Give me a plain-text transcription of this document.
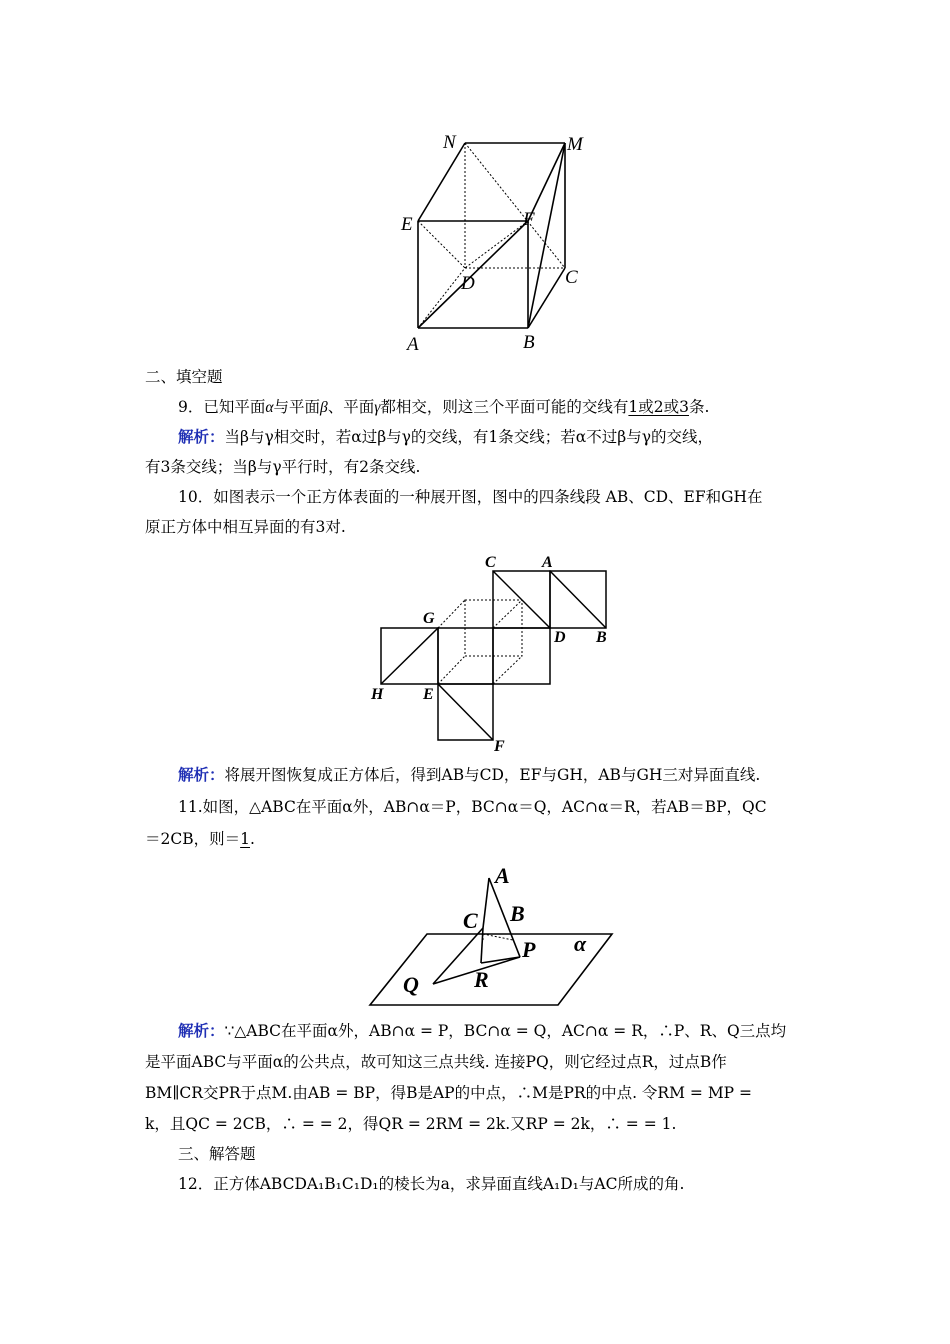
N	M
E	F
D	C
A	B
二、填空题
9．已知平面α与平面β、平面γ都相交，则这三个平面可能的交线有1或2或3条.
解析：当β与γ相交时，若α过β与γ的交线，有1条交线；若α不过β与γ的交线，
有3条交线；当β与γ平行时，有2条交线.
10．如图表示一个正方体表面的一种展开图，图中的四条线段 AB、CD、EF和GH在
原正方体中相互异面的有3对.
C	A
G
D B
H E
F
解析：将展开图恢复成正方体后，得到AB与CD，EF与GH，AB与GH三对异面直线.
11.如图，△ABC在平面α外，AB∩α＝P，BC∩α＝Q，AC∩α＝R，若AB＝BP，QC
＝2CB，则＝1.
A
B
C
P α
Q	R
解析：∵△ABC在平面α外，AB∩α = P，BC∩α = Q，AC∩α = R，∴P、R、Q三点均
是平面ABC与平面α的公共点，故可知这三点共线. 连接PQ，则它经过点R，过点B作
BM∥CR交PR于点M.由AB = BP，得B是AP的中点，∴M是PR的中点. 令RM = MP =
k，且QC = 2CB，∴ = = 2，得QR = 2RM = 2k.又RP = 2k，∴ = = 1.
三、解答题
12．正方体ABCDA₁B₁C₁D₁的棱长为a，求异面直线A₁D₁与AC所成的角.
